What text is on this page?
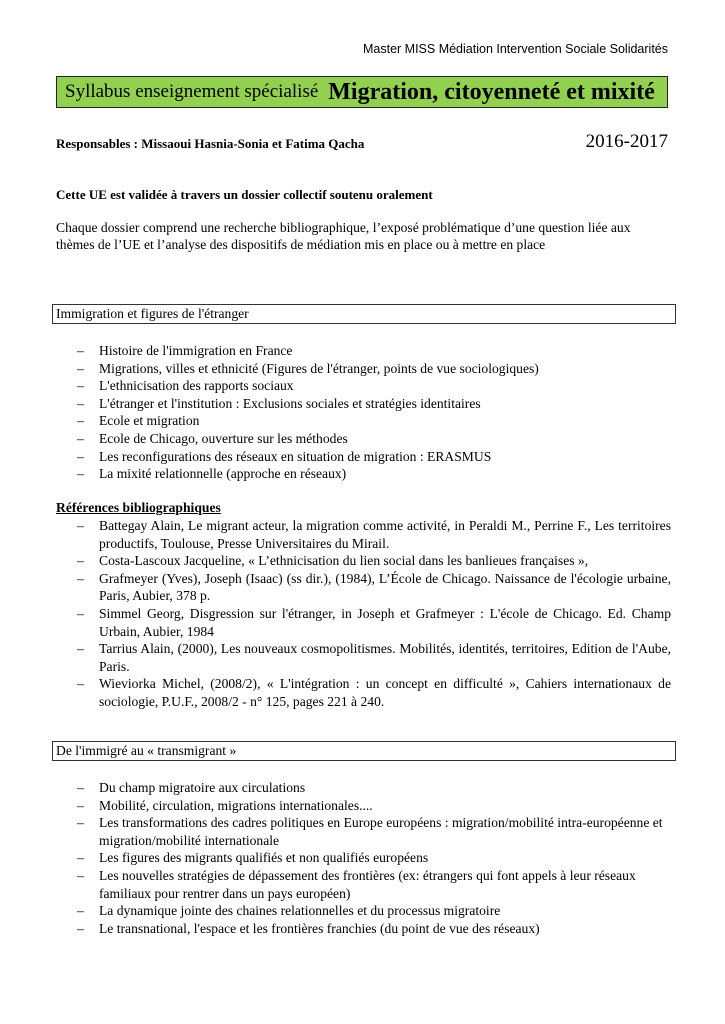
Master MISS Médiation Intervention Sociale Solidarités
Syllabus enseignement spécialisé Migration, citoyenneté et mixité
Responsables : Missaoui Hasnia-Sonia et Fatima Qacha	2016-2017
Cette UE est validée à travers un dossier collectif soutenu oralement
Chaque dossier comprend une recherche bibliographique, l’exposé problématique d’une question liée aux thèmes de l’UE et l’analyse des dispositifs de médiation mis en place ou à mettre en place
Immigration et figures de l'étranger
– Histoire de l'immigration en France
– Migrations, villes et ethnicité (Figures de l'étranger, points de vue sociologiques)
– L'ethnicisation des rapports sociaux
– L'étranger et l'institution : Exclusions sociales et stratégies identitaires
– Ecole et migration
– Ecole de Chicago, ouverture sur les méthodes
– Les reconfigurations des réseaux en situation de migration : ERASMUS
– La mixité relationnelle (approche en réseaux)
Références bibliographiques
– Battegay Alain, Le migrant acteur, la migration comme activité, in Peraldi M., Perrine F., Les territoires productifs, Toulouse, Presse Universitaires du Mirail.
– Costa-Lascoux Jacqueline, « L’ethnicisation du lien social dans les banlieues françaises »,
– Grafmeyer (Yves), Joseph (Isaac) (ss dir.), (1984), L’École de Chicago. Naissance de l'écologie urbaine, Paris, Aubier, 378 p.
– Simmel Georg, Disgression sur l'étranger, in Joseph et Grafmeyer : L'école de Chicago. Ed. Champ Urbain, Aubier, 1984
– Tarrius Alain, (2000), Les nouveaux cosmopolitismes. Mobilités, identités, territoires, Edition de l'Aube, Paris.
– Wieviorka Michel, (2008/2), « L'intégration : un concept en difficulté », Cahiers internationaux de sociologie, P.U.F., 2008/2 - n° 125, pages 221 à 240.
De l'immigré au « transmigrant »
– Du champ migratoire aux circulations
– Mobilité, circulation, migrations internationales....
– Les transformations des cadres politiques en Europe européens : migration/mobilité intra-européenne et migration/mobilité internationale
– Les figures des migrants qualifiés et non qualifiés européens
– Les nouvelles stratégies de dépassement des frontières (ex: étrangers qui font appels à leur réseaux familiaux pour rentrer dans un pays européen)
– La dynamique jointe des chaines relationnelles et du processus migratoire
– Le transnational, l'espace et les frontières franchies (du point de vue des réseaux)
